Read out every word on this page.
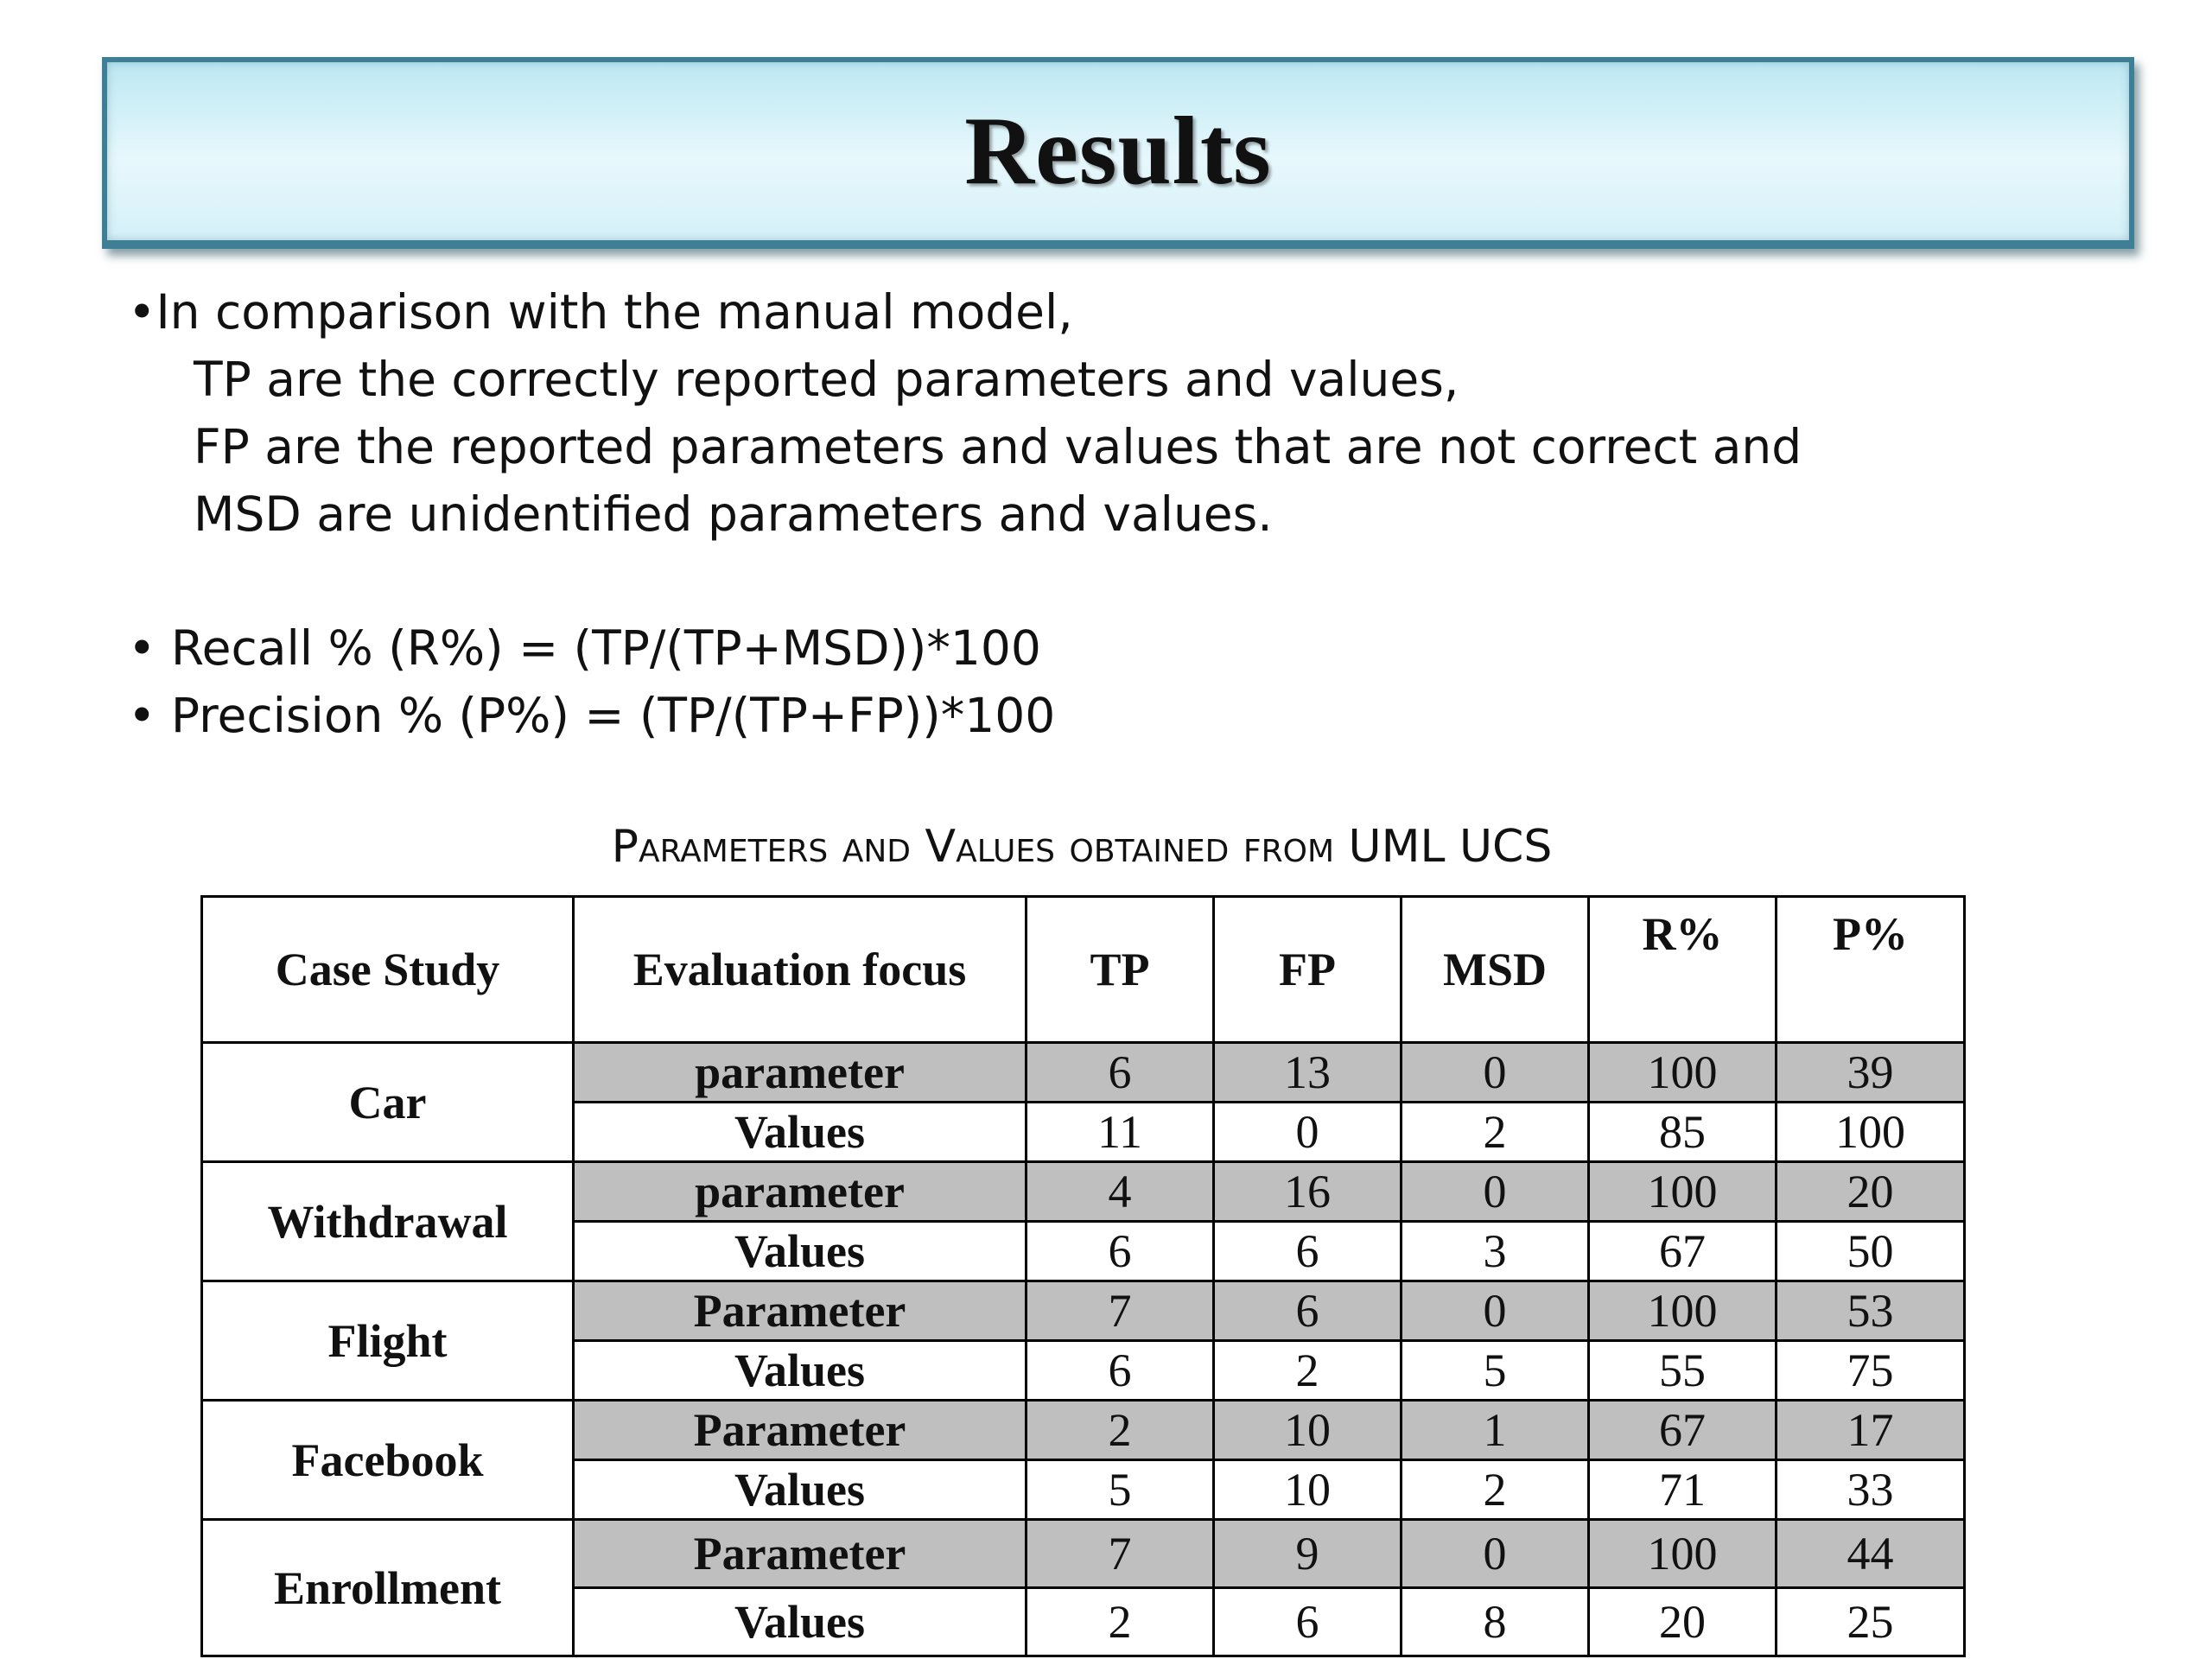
Results
•In comparison with the manual model,
TP are the correctly reported parameters and values,
FP are the reported parameters and values that are not correct and
MSD are unidentified parameters and values.
• Recall % (R%) = (TP/(TP+MSD))*100
• Precision % (P%) = (TP/(TP+FP))*100
Parameters and Values obtained from UML UCS
Case Study	Evaluation focus	TP	FP	MSD	R%	P%
Car	parameter	6	13	0	100	39
	Values	11	0	2	85	100
Withdrawal	parameter	4	16	0	100	20
	Values	6	6	3	67	50
Flight	Parameter	7	6	0	100	53
	Values	6	2	5	55	75
Facebook	Parameter	2	10	1	67	17
	Values	5	10	2	71	33
Enrollment	Parameter	7	9	0	100	44
	Values	2	6	8	20	25
